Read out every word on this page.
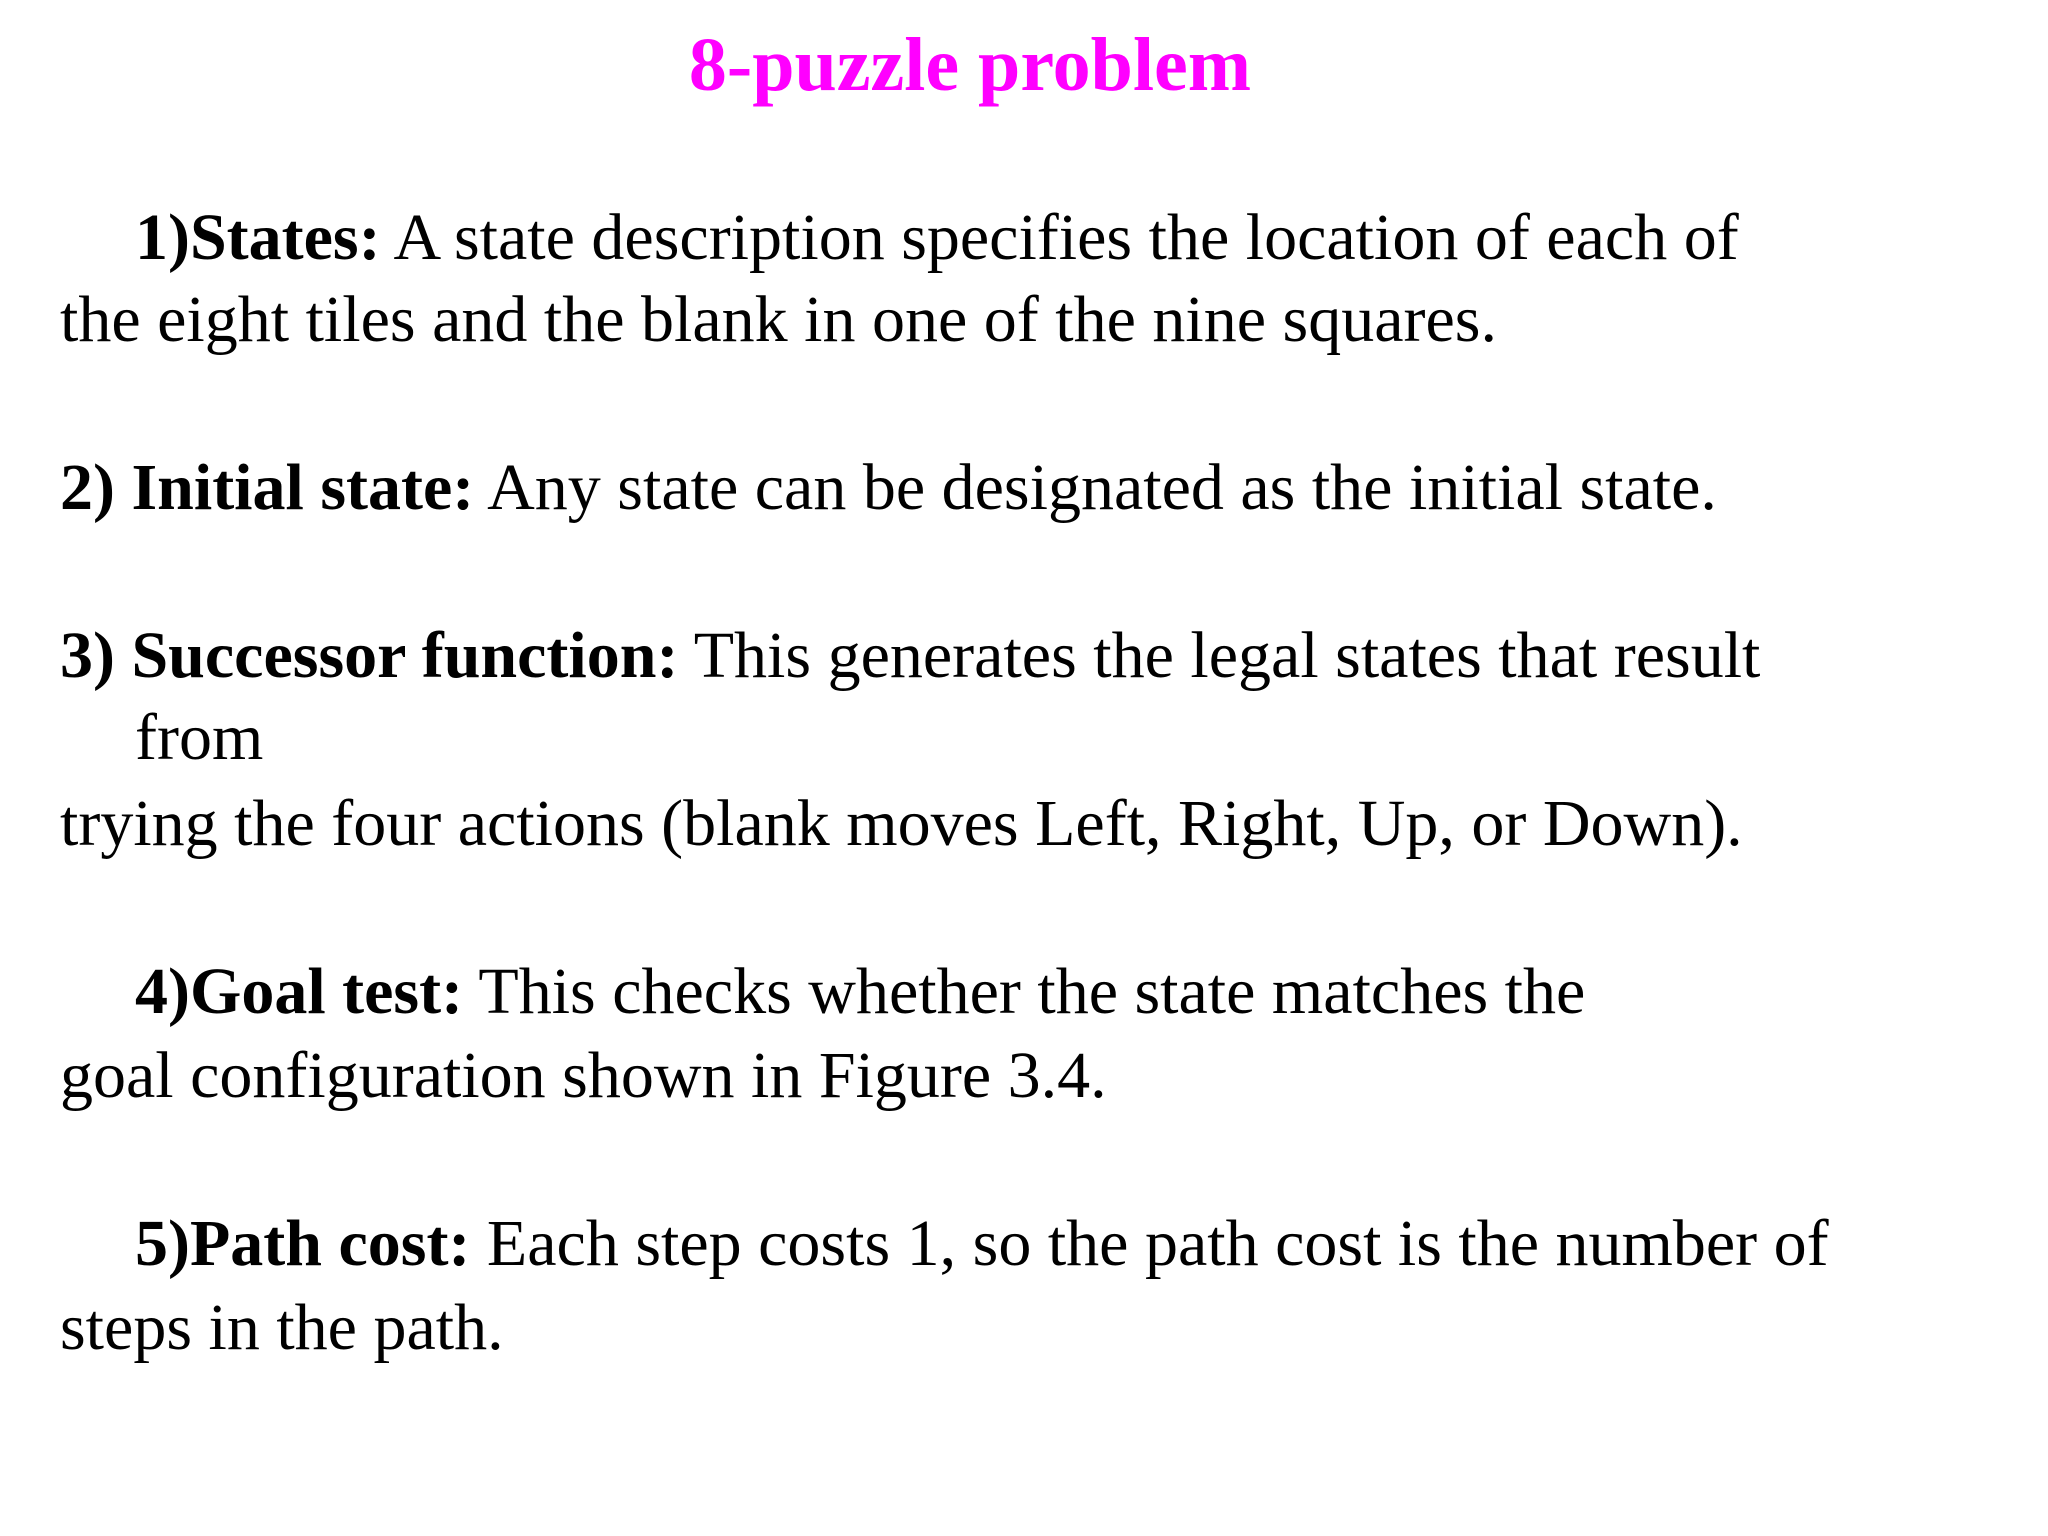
8-puzzle problem
1)States: A state description specifies the location of each of
the eight tiles and the blank in one of the nine squares.
2) Initial state: Any state can be designated as the initial state.
3) Successor function: This generates the legal states that result
from
trying the four actions (blank moves Left, Right, Up, or Down).
4)Goal test: This checks whether the state matches the
goal configuration shown in Figure 3.4.
5)Path cost: Each step costs 1, so the path cost is the number of
steps in the path.
